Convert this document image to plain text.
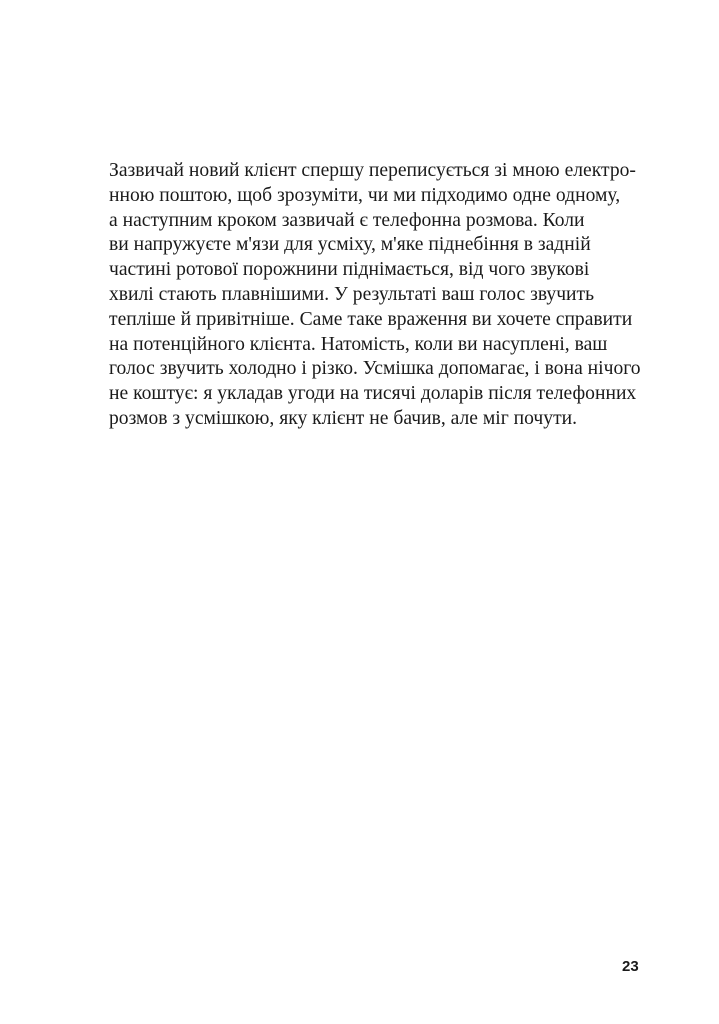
Зазвичай новий клієнт спершу переписується зі мною електро-
нною поштою, щоб зрозуміти, чи ми підходимо одне одному,
а наступним кроком зазвичай є телефонна розмова. Коли
ви напружуєте м'язи для усміху, м'яке піднебіння в задній
частині ротової порожнини піднімається, від чого звукові
хвилі стають плавнішими. У результаті ваш голос звучить
тепліше й привітніше. Саме таке враження ви хочете справити
на потенційного клієнта. Натомість, коли ви насуплені, ваш
голос звучить холодно і різко. Усмішка допомагає, і вона нічого
не коштує: я укладав угоди на тисячі доларів після телефонних
розмов з усмішкою, яку клієнт не бачив, але міг почути.

23
